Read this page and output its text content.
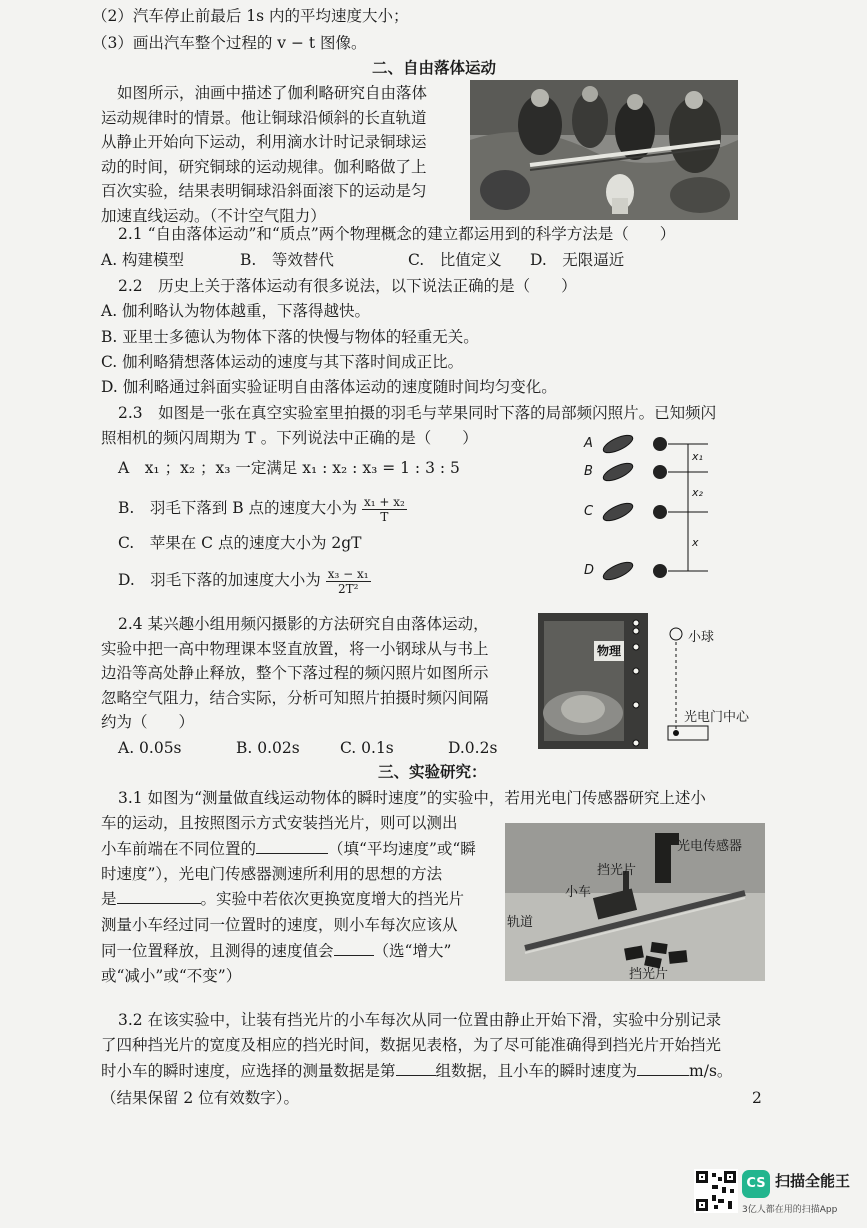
（2）汽车停止前最后 1s 内的平均速度大小；
（3）画出汽车整个过程的 v − t 图像。
二、自由落体运动
如图所示，油画中描述了伽利略研究自由落体
运动规律时的情景。他让铜球沿倾斜的长直轨道
从静止开始向下运动，利用滴水计时记录铜球运
动的时间，研究铜球的运动规律。伽利略做了上
百次实验，结果表明铜球沿斜面滚下的运动是匀
加速直线运动。（不计空气阻力）
2.1 “自由落体运动”和“质点”两个物理概念的建立都运用到的科学方法是（　　）
A. 构建模型	B.　等效替代	C.　比值定义 D.　无限逼近
2.2　历史上关于落体运动有很多说法，以下说法正确的是（　　）
A. 伽利略认为物体越重，下落得越快。
B. 亚里士多德认为物体下落的快慢与物体的轻重无关。
C. 伽利略猜想落体运动的速度与其下落时间成正比。
D. 伽利略通过斜面实验证明自由落体运动的速度随时间均匀变化。
2.3　如图是一张在真空实验室里拍摄的羽毛与苹果同时下落的局部频闪照片。已知频闪
照相机的频闪周期为 T 。下列说法中正确的是（　　）
A　x₁ ；x₂ ；x₃ 一定满足 x₁ : x₂ : x₃ = 1 : 3 : 5
B.　羽毛下落到 B 点的速度大小为 $\frac{\text{x₁ + x₂}}{T}$
C.　苹果在 C 点的速度大小为 2gT
D.　羽毛下落的加速度大小为 $\frac{\text{x₃ − x₁}}{\text{2T²}}$
A
B
C
D
x₁
x₂
x
2.4 某兴趣小组用频闪摄影的方法研究自由落体运动，
实验中把一高中物理课本竖直放置，将一小钢球从与书上
边沿等高处静止释放，整个下落过程的频闪照片如图所示
忽略空气阻力，结合实际，分析可知照片拍摄时频闪间隔
约为（　　）
A. 0.05s	B. 0.02s	C. 0.1s	D.0.2s
物理
小球
光电门中心
三、实验研究：
3.1 如图为“测量做直线运动物体的瞬时速度”的实验中，若用光电门传感器研究上述小
车的运动，且按照图示方式安装挡光片，则可以测出
小车前端在不同位置的	（填“平均速度”或“瞬
时速度”），光电门传感器测速所利用的思想的方法
是	。实验中若依次更换宽度增大的挡光片
测量小车经过同一位置时的速度，则小车每次应该从
同一位置释放，且测得的速度值会	（选“增大”
或“减小”或“不变”）
光电传感器
挡光片
小车
轨道
挡光片
3.2 在该实验中，让装有挡光片的小车每次从同一位置由静止开始下滑，实验中分别记录
了四种挡光片的宽度及相应的挡光时间，数据见表格，为了尽可能准确得到挡光片开始挡光
时小车的瞬时速度，应选择的测量数据是第	组数据，且小车的瞬时速度为	m/s。
（结果保留 2 位有效数字）。	2
CS 扫描全能王
3亿人都在用的扫描App
